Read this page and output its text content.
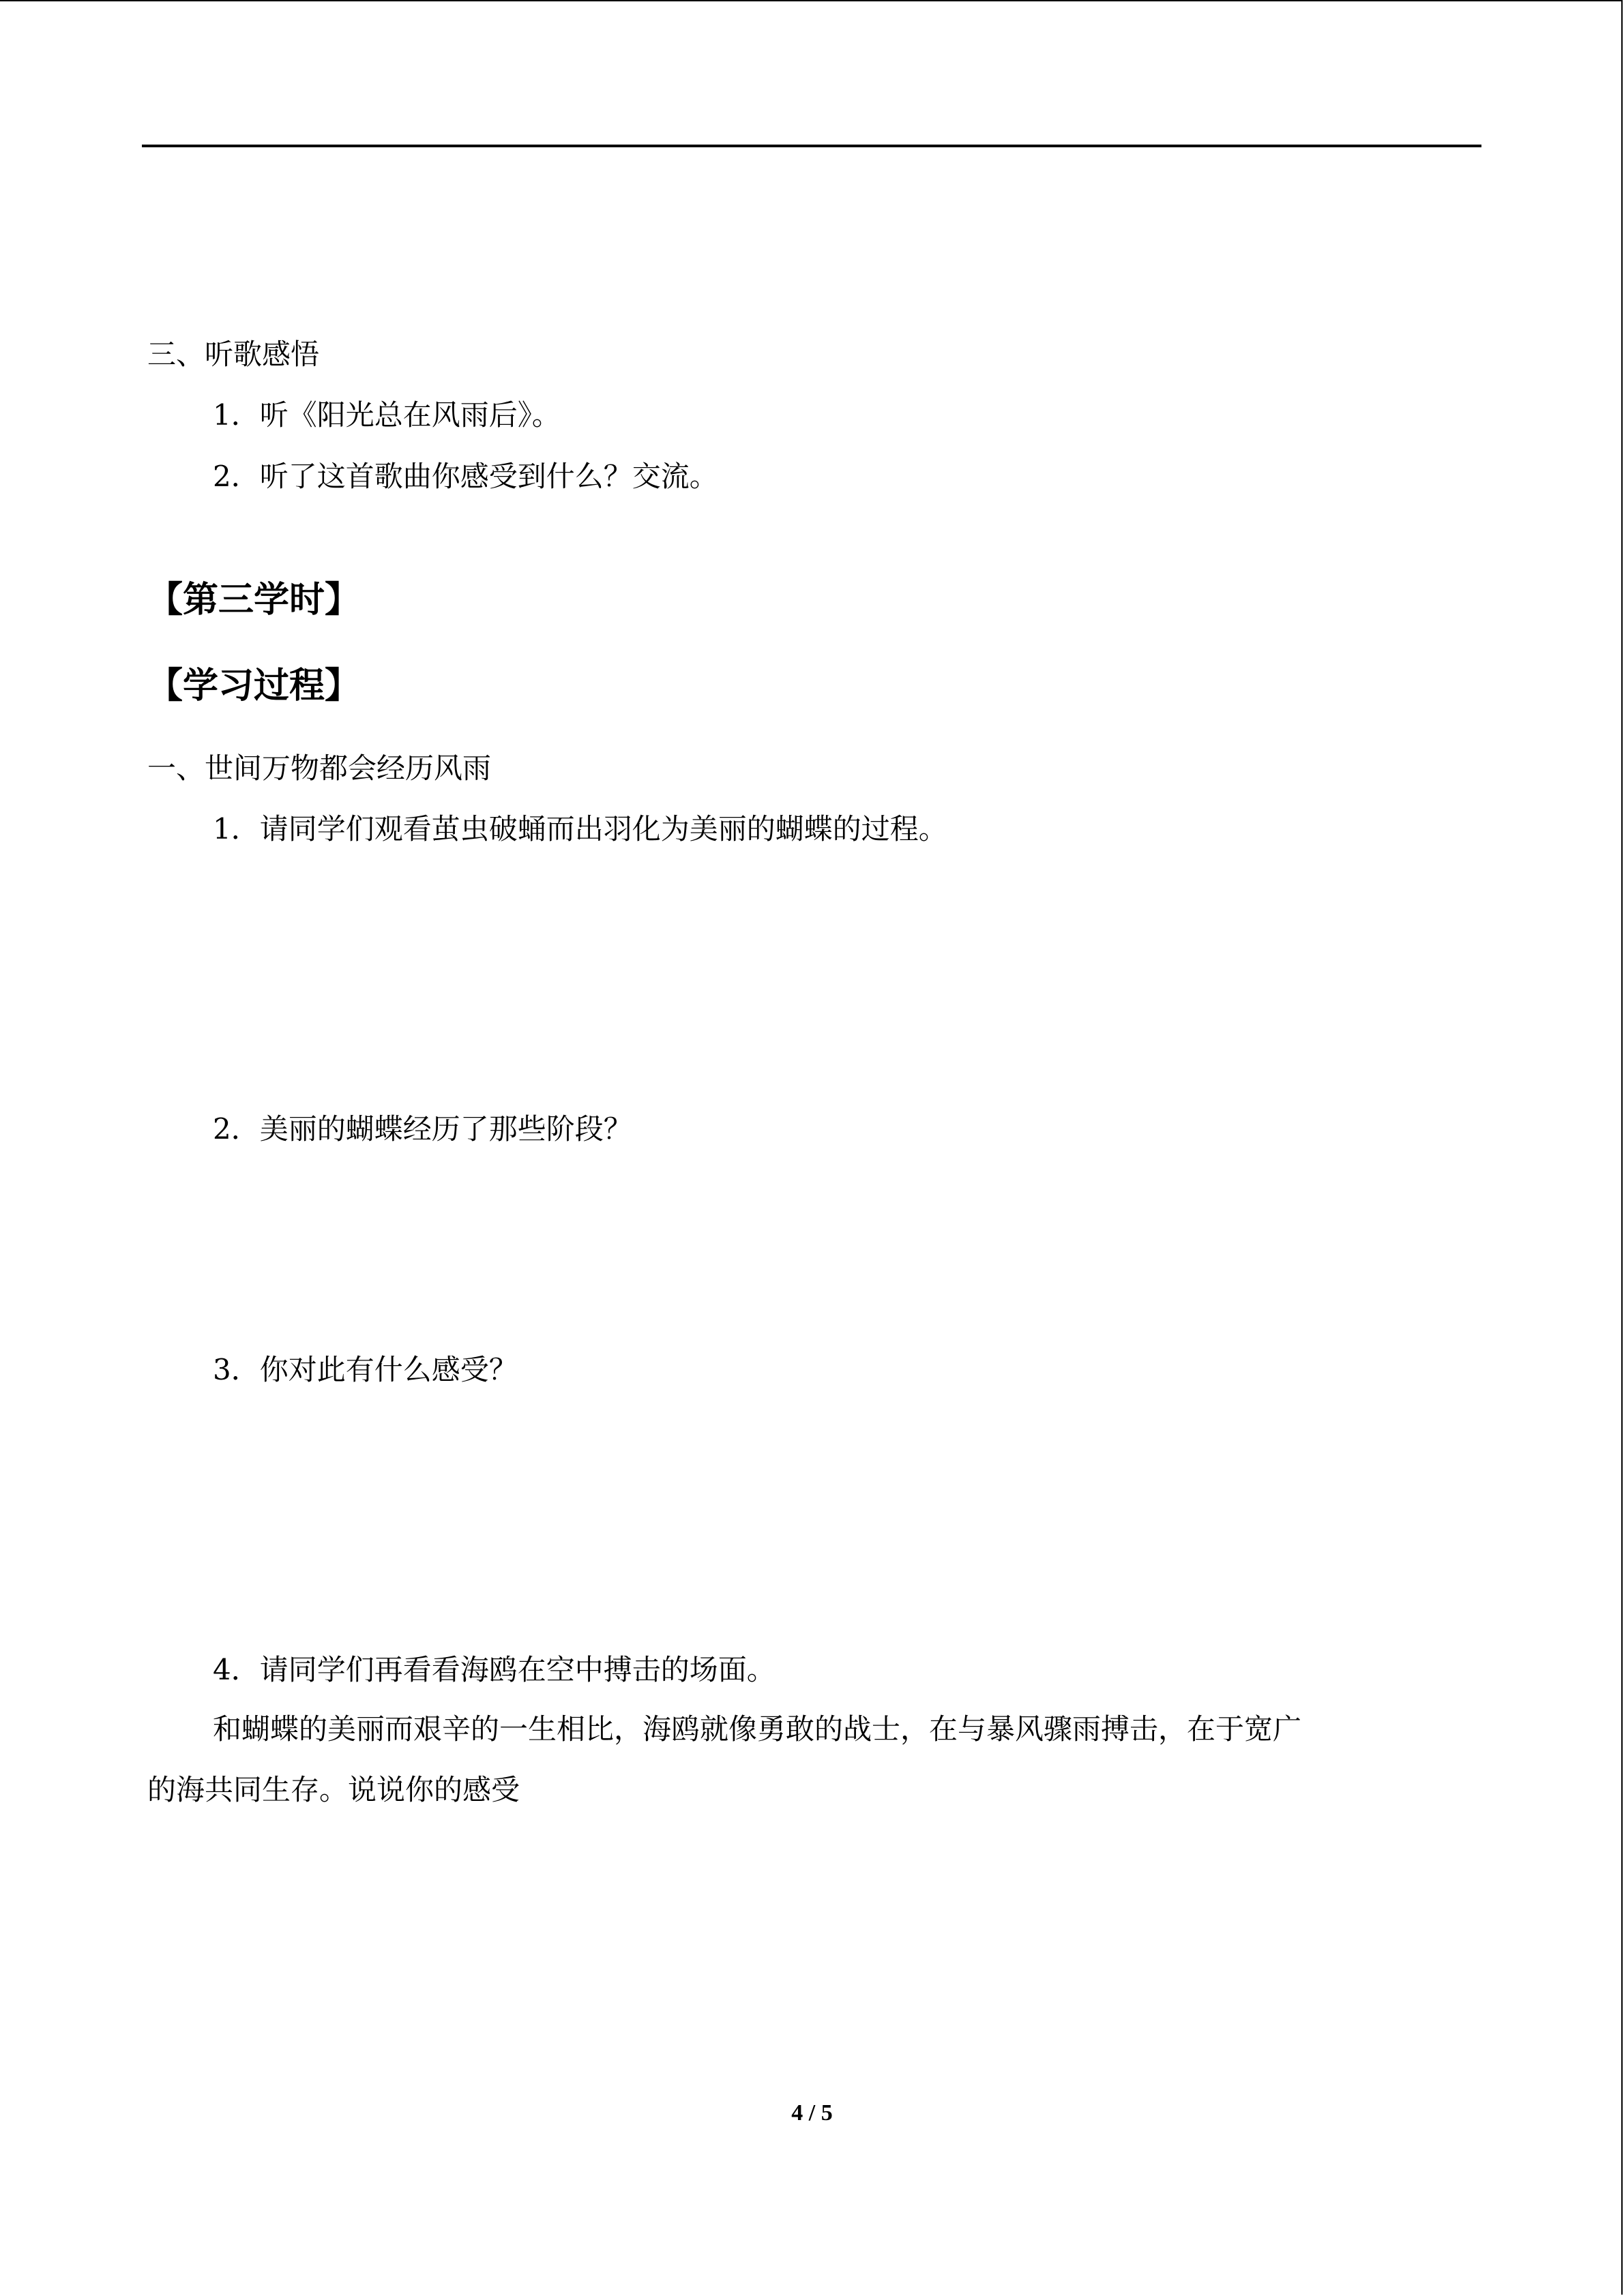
三、听歌感悟
1．听《阳光总在风雨后》。
2．听了这首歌曲你感受到什么？交流。
【第三学时】
【学习过程】
一、世间万物都会经历风雨
1．请同学们观看茧虫破蛹而出羽化为美丽的蝴蝶的过程。
2．美丽的蝴蝶经历了那些阶段？
3．你对此有什么感受？
4．请同学们再看看海鸥在空中搏击的场面。
和蝴蝶的美丽而艰辛的一生相比，海鸥就像勇敢的战士，在与暴风骤雨搏击，在于宽广
的海共同生存。说说你的感受
4 / 5
